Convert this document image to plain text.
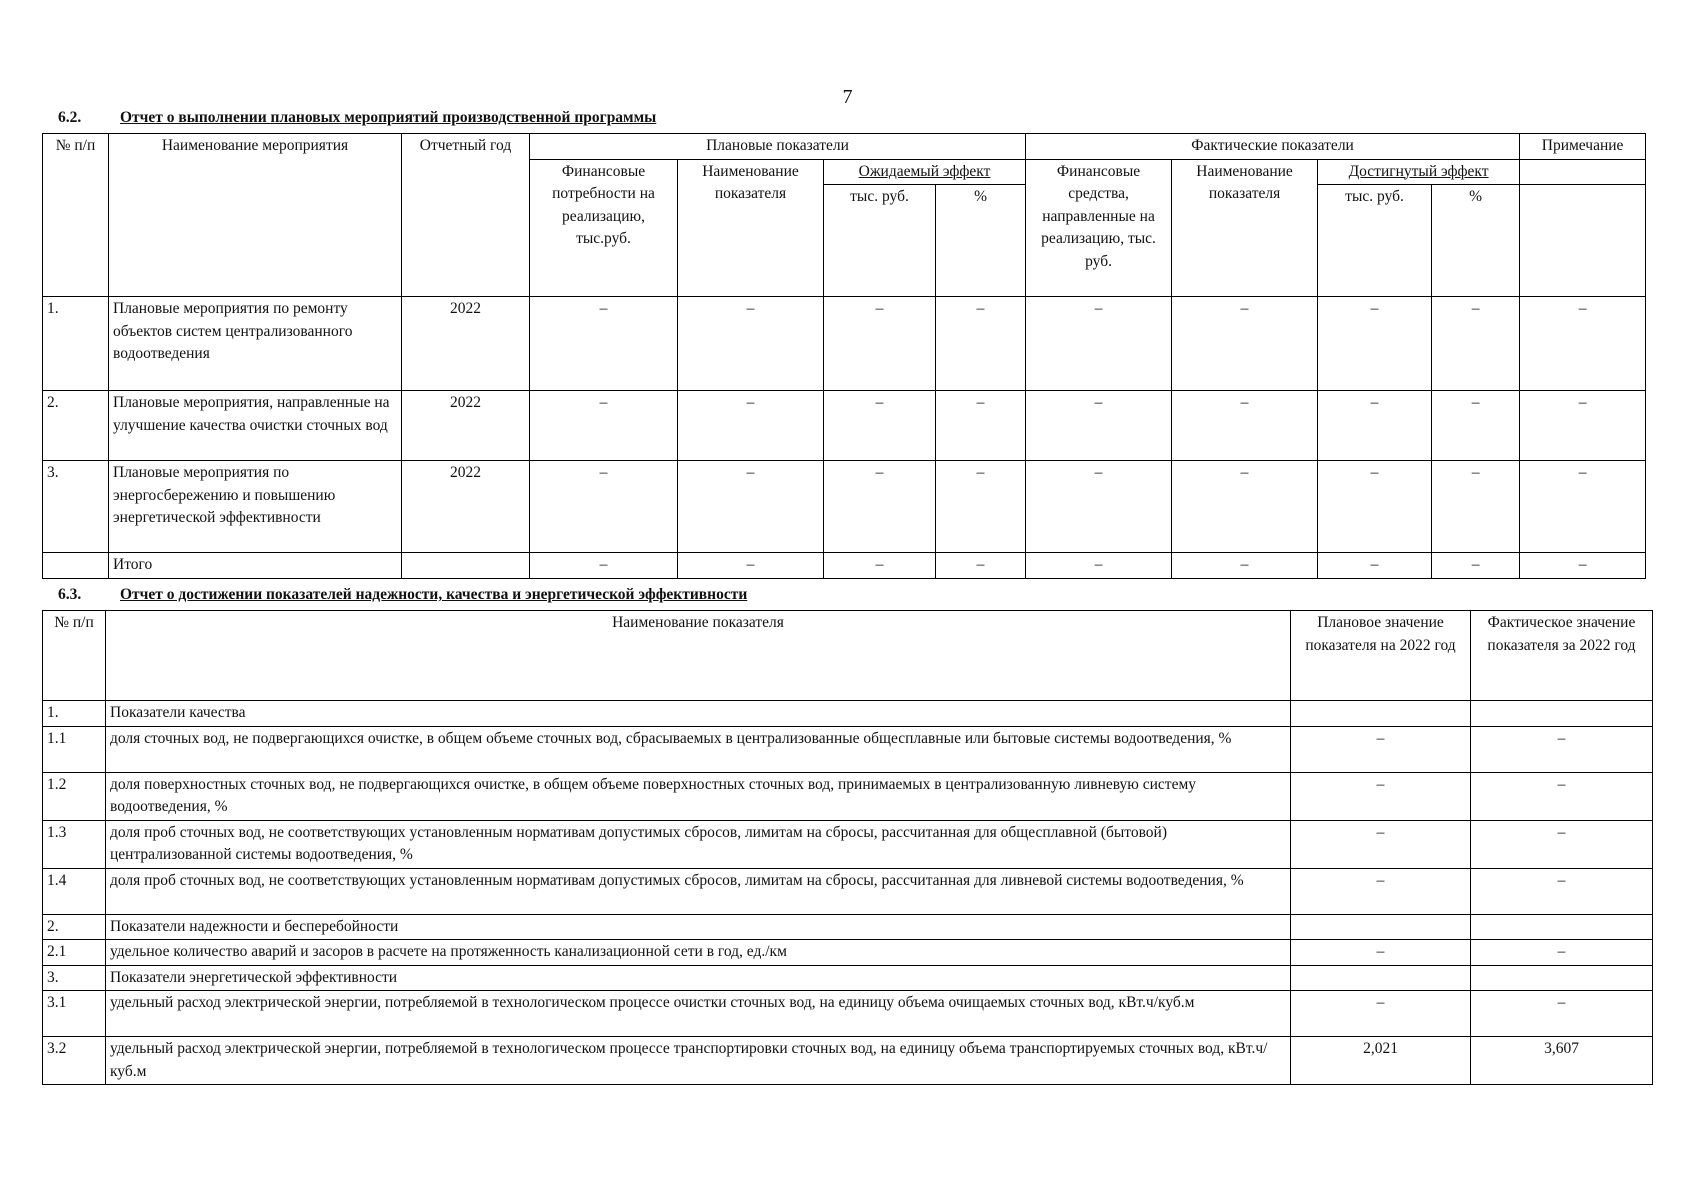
7
6.2.	Отчет о выполнении плановых мероприятий производственной программы
№ п/п	Наименование мероприятия	Отчетный год	Плановые показатели				Фактические показатели				Примечание
			Финансовые потребности на реализацию, тыс.руб.	Наименование показателя	Ожидаемый эффект		Финансовые средства, направленные на реализацию, тыс. руб.	Наименование показателя	Достигнутый эффект		
					тыс. руб.	%			тыс. руб.	%	
1.	Плановые мероприятия по ремонту объектов систем централизованного водоотведения	2022	–	–	–	–	–	–	–	–	–
2.	Плановые мероприятия, направленные на улучшение качества очистки сточных вод	2022	–	–	–	–	–	–	–	–	–
3.	Плановые мероприятия по энергосбережению и повышению энергетической эффективности	2022	–	–	–	–	–	–	–	–	–
	Итого		–	–	–	–	–	–	–	–	–
6.3.	Отчет о достижении показателей надежности, качества и энергетической эффективности
№ п/п	Наименование показателя	Плановое значение показателя на 2022 год	Фактическое значение показателя за 2022 год
1.	Показатели качества		
1.1	доля сточных вод, не подвергающихся очистке, в общем объеме сточных вод, сбрасываемых в централизованные общесплавные или бытовые системы водоотведения, %	–	–
1.2	доля поверхностных сточных вод, не подвергающихся очистке, в общем объеме поверхностных сточных вод, принимаемых в централизованную ливневую систему водоотведения, %	–	–
1.3	доля проб сточных вод, не соответствующих установленным нормативам допустимых сбросов, лимитам на сбросы, рассчитанная для общесплавной (бытовой) централизованной системы водоотведения, %	–	–
1.4	доля проб сточных вод, не соответствующих установленным нормативам допустимых сбросов, лимитам на сбросы, рассчитанная для ливневой системы водоотведения, %	–	–
2.	Показатели надежности и бесперебойности		
2.1	удельное количество аварий и засоров в расчете на протяженность канализационной сети в год, ед./км	–	–
3.	Показатели энергетической эффективности		
3.1	удельный расход электрической энергии, потребляемой в технологическом процессе очистки сточных вод, на единицу объема очищаемых сточных вод, кВт.ч/куб.м	–	–
3.2	удельный расход электрической энергии, потребляемой в технологическом процессе транспортировки сточных вод, на единицу объема транспортируемых сточных вод, кВт.ч/куб.м	2,021	3,607
